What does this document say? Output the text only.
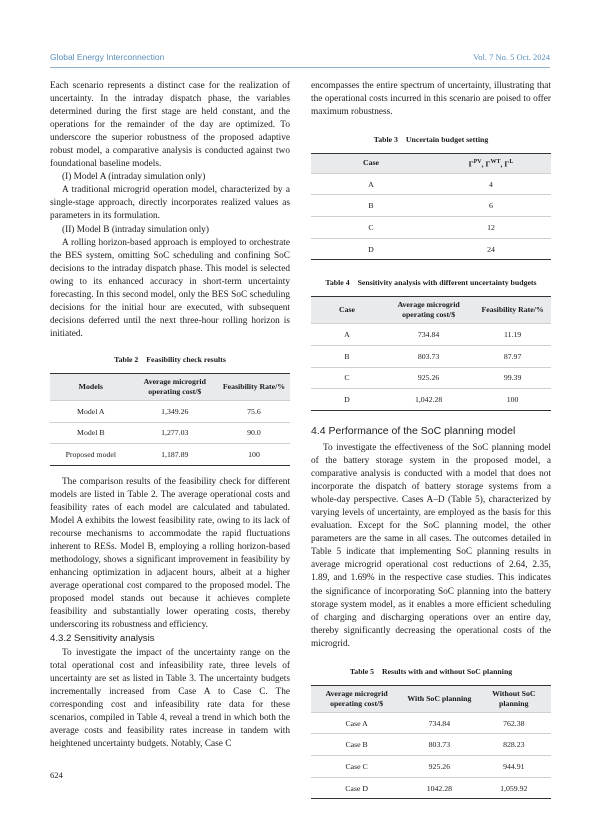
Global Energy Interconnection	Vol. 7 No. 5 Oct. 2024

Each scenario represents a distinct case for the realization of uncertainty. In the intraday dispatch phase, the variables determined during the first stage are held constant, and the operations for the remainder of the day are optimized. To underscore the superior robustness of the proposed adaptive robust model, a comparative analysis is conducted against two foundational baseline models.

(I) Model A (intraday simulation only)

A traditional microgrid operation model, characterized by a single-stage approach, directly incorporates realized values as parameters in its formulation.

(II) Model B (intraday simulation only)

A rolling horizon-based approach is employed to orchestrate the BES system, omitting SoC scheduling and confining SoC decisions to the intraday dispatch phase. This model is selected owing to its enhanced accuracy in short-term uncertainty forecasting. In this second model, only the BES SoC scheduling decisions for the initial hour are executed, with subsequent decisions deferred until the next three-hour rolling horizon is initiated.

Table 2 Feasibility check results
Models	Average microgrid operating cost/$	Feasibility Rate/%
Model A	1,349.26	75.6
Model B	1,277.03	90.0
Proposed model	1,187.89	100

The comparison results of the feasibility check for different models are listed in Table 2. The average operational costs and feasibility rates of each model are calculated and tabulated. Model A exhibits the lowest feasibility rate, owing to its lack of recourse mechanisms to accommodate the rapid fluctuations inherent to RESs. Model B, employing a rolling horizon-based methodology, shows a significant improvement in feasibility by enhancing optimization in adjacent hours, albeit at a higher average operational cost compared to the proposed model. The proposed model stands out because it achieves complete feasibility and substantially lower operating costs, thereby underscoring its robustness and efficiency.

4.3.2 Sensitivity analysis

To investigate the impact of the uncertainty range on the total operational cost and infeasibility rate, three levels of uncertainty are set as listed in Table 3. The uncertainty budgets incrementally increased from Case A to Case C. The corresponding cost and infeasibility rate data for these scenarios, compiled in Table 4, reveal a trend in which both the average costs and feasibility rates increase in tandem with heightened uncertainty budgets. Notably, Case C

encompasses the entire spectrum of uncertainty, illustrating that the operational costs incurred in this scenario are poised to offer maximum robustness.

Table 3 Uncertain budget setting
Case	$\Gamma^{PV}$, $\Gamma^{WT}$, $\Gamma^L$
A	4
B	6
C	12
D	24
Table 4 Sensitivity analysis with different uncertainty budgets
Case	Average microgrid operating cost/$	Feasibility Rate/%
A	734.84	11.19
B	803.73	87.97
C	925.26	99.39
D	1,042.28	100
4.4 Performance of the SoC planning model

To investigate the effectiveness of the SoC planning model of the battery storage system in the proposed model, a comparative analysis is conducted with a model that does not incorporate the dispatch of battery storage systems from a whole-day perspective. Cases A–D (Table 5), characterized by varying levels of uncertainty, are employed as the basis for this evaluation. Except for the SoC planning model, the other parameters are the same in all cases. The outcomes detailed in Table 5 indicate that implementing SoC planning results in average microgrid operational cost reductions of 2.64, 2.35, 1.89, and 1.69% in the respective case studies. This indicates the significance of incorporating SoC planning into the battery storage system model, as it enables a more efficient scheduling of charging and discharging operations over an entire day, thereby significantly decreasing the operational costs of the microgrid.

Table 5 Results with and without SoC planning
Average microgrid operating cost/$	With SoC planning	Without SoC planning
Case A	734.84	762.38
Case B	803.73	828.23
Case C	925.26	944.91
Case D	1042.28	1,059.92
624
